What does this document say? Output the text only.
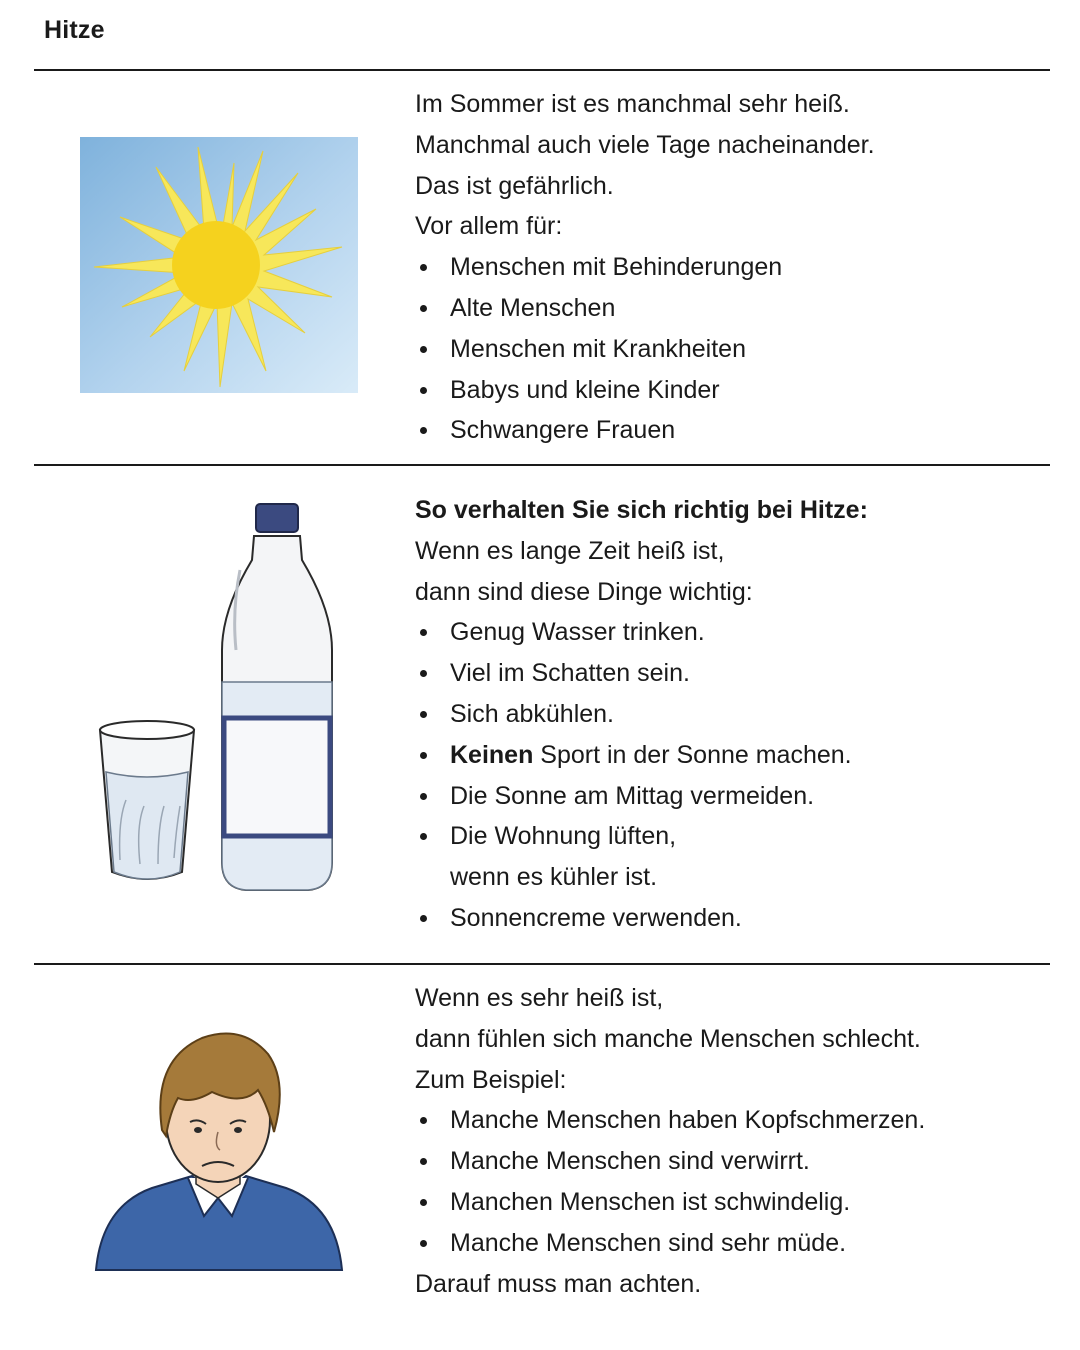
Hitze

Im Sommer ist es manchmal sehr heiß.

Manchmal auch viele Tage nacheinander.

Das ist gefährlich.

Vor allem für:

Menschen mit Behinderungen
Alte Menschen
Menschen mit Krankheiten
Babys und kleine Kinder
Schwangere Frauen

So verhalten Sie sich richtig bei Hitze:

Wenn es lange Zeit heiß ist,

dann sind diese Dinge wichtig:

Genug Wasser trinken.
Viel im Schatten sein.
Sich abkühlen.
Keinen Sport in der Sonne machen.
Die Sonne am Mittag vermeiden.
Die Wohnung lüften,
wenn es kühler ist.
Sonnencreme verwenden.

Wenn es sehr heiß ist,

dann fühlen sich manche Menschen schlecht.

Zum Beispiel:

Manche Menschen haben Kopfschmerzen.
Manche Menschen sind verwirrt.
Manchen Menschen ist schwindelig.
Manche Menschen sind sehr müde.

Darauf muss man achten.
